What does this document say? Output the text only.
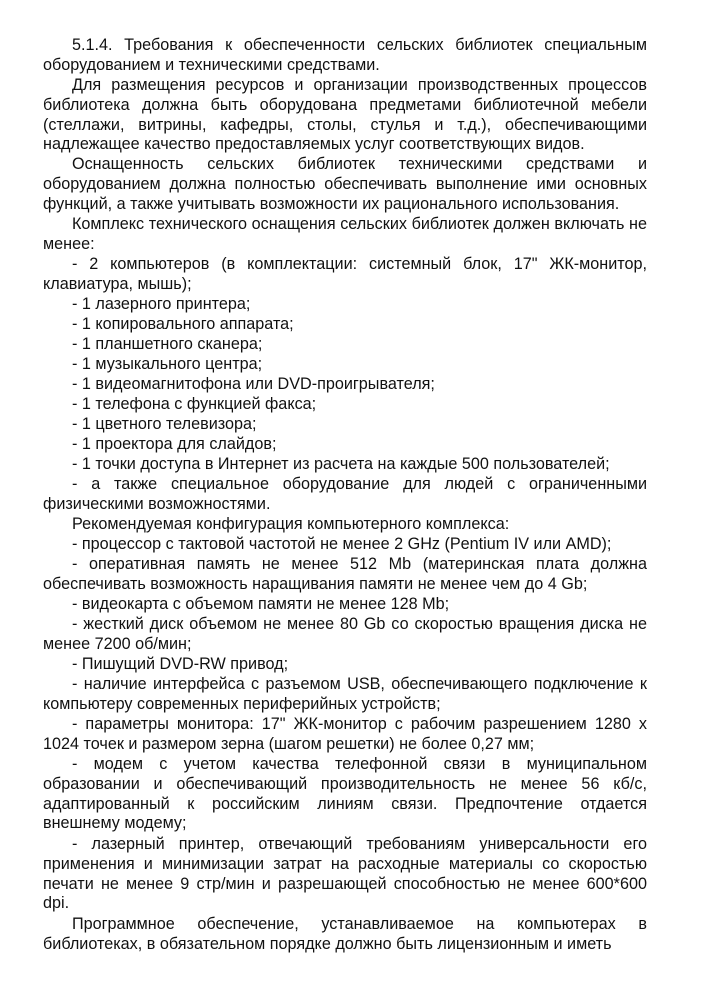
5.1.4. Требования к обеспеченности сельских библиотек специальным оборудованием и техническими средствами.

Для размещения ресурсов и организации производственных процессов библиотека должна быть оборудована предметами библиотечной мебели (стеллажи, витрины, кафедры, столы, стулья и т.д.), обеспечивающими надлежащее качество предоставляемых услуг соответствующих видов.

Оснащенность сельских библиотек техническими средствами и оборудованием должна полностью обеспечивать выполнение ими основных функций, а также учитывать возможности их рационального использования.

Комплекс технического оснащения сельских библиотек должен включать не менее:

- 2 компьютеров (в комплектации: системный блок, 17" ЖК-монитор, клавиатура, мышь);

- 1 лазерного принтера;

- 1 копировального аппарата;

- 1 планшетного сканера;

- 1 музыкального центра;

- 1 видеомагнитофона или DVD-проигрывателя;

- 1 телефона с функцией факса;

- 1 цветного телевизора;

- 1 проектора для слайдов;

- 1 точки доступа в Интернет из расчета на каждые 500 пользователей;

- а также специальное оборудование для людей с ограниченными физическими возможностями.

Рекомендуемая конфигурация компьютерного комплекса:

- процессор с тактовой частотой не менее 2 GHz (Pentium IV или AMD);

- оперативная память не менее 512 Mb (материнская плата должна обеспечивать возможность наращивания памяти не менее чем до 4 Gb;

- видеокарта с объемом памяти не менее 128 Mb;

- жесткий диск объемом не менее 80 Gb со скоростью вращения диска не менее 7200 об/мин;

- Пишущий DVD-RW привод;

- наличие интерфейса с разъемом USB, обеспечивающего подключение к компьютеру современных периферийных устройств;

- параметры монитора: 17" ЖК-монитор с рабочим разрешением 1280 x 1024 точек и размером зерна (шагом решетки) не более 0,27 мм;

- модем с учетом качества телефонной связи в муниципальном образовании и обеспечивающий производительность не менее 56 кб/с, адаптированный к российским линиям связи. Предпочтение отдается внешнему модему;

- лазерный принтер, отвечающий требованиям универсальности его применения и минимизации затрат на расходные материалы со скоростью печати не менее 9 стр/мин и разрешающей способностью не менее 600*600 dpi.

Программное обеспечение, устанавливаемое на компьютерах в библиотеках, в обязательном порядке должно быть лицензионным и иметь
